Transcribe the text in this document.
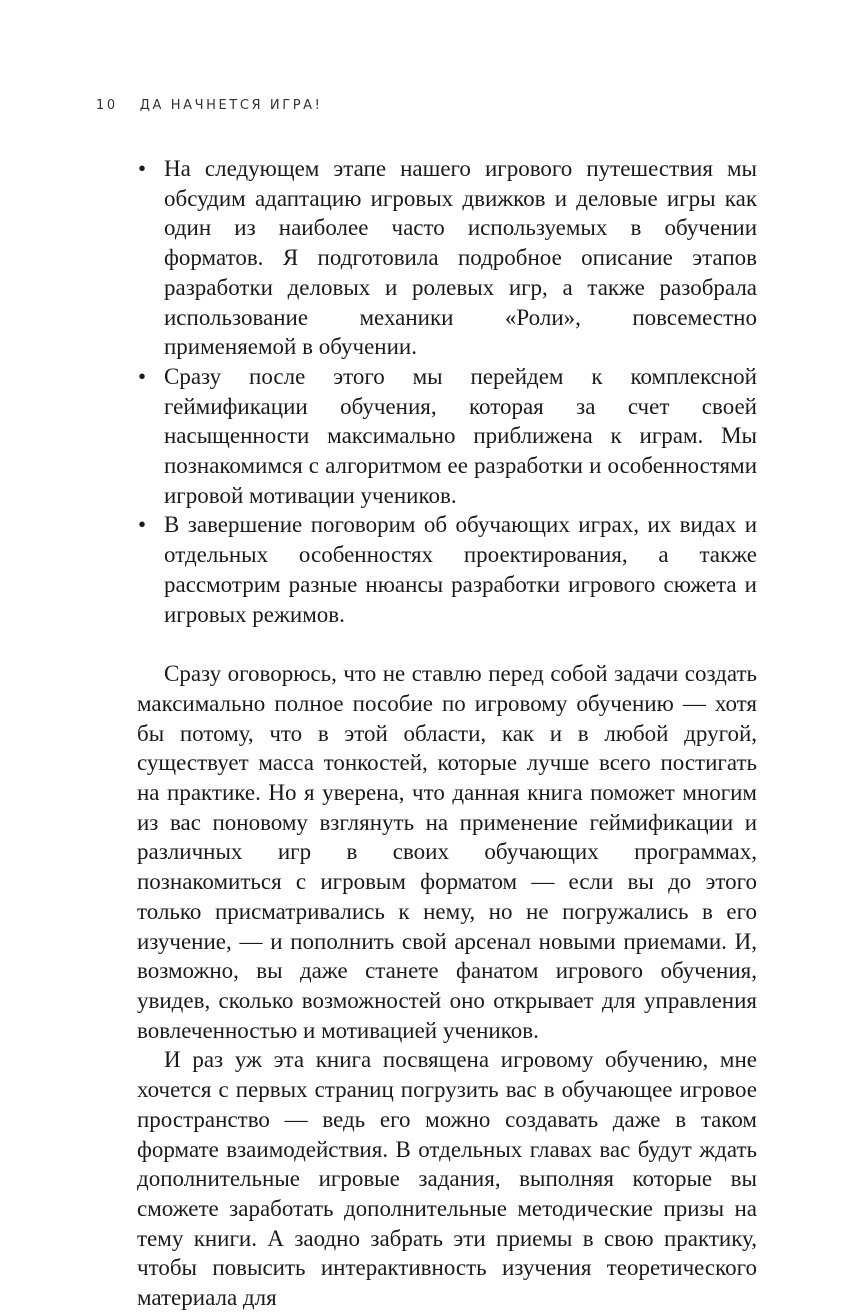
10 ДА НАЧНЕТСЯ ИГРА!
• На следующем этапе нашего игрового путешествия мы обсудим адаптацию игровых движков и деловые игры как один из наиболее часто используемых в обучении форматов. Я подготовила подробное описание этапов разработки деловых и ролевых игр, а также разобрала использование механики «Роли», повсеместно применяемой в обучении.
• Сразу после этого мы перейдем к комплексной геймификации обучения, которая за счет своей насыщенности максимально приближена к играм. Мы познакомимся с алгоритмом ее разработки и особенностями игровой мотивации учеников.
• В завершение поговорим об обучающих играх, их видах и отдельных особенностях проектирования, а также рассмотрим разные нюансы разработки игрового сюжета и игровых режимов.

Сразу оговорюсь, что не ставлю перед собой задачи создать максимально полное пособие по игровому обучению — хотя бы потому, что в этой области, как и в любой другой, существует масса тонкостей, которые лучше всего постигать на практике. Но я уверена, что данная книга поможет многим из вас поновому взглянуть на применение геймификации и различных игр в своих обучающих программах, познакомиться с игровым форматом — если вы до этого только присматривались к нему, но не погружались в его изучение, — и пополнить свой арсенал новыми приемами. И, возможно, вы даже станете фанатом игрового обучения, увидев, сколько возможностей оно открывает для управления вовлеченностью и мотивацией учеников.

И раз уж эта книга посвящена игровому обучению, мне хочется с первых страниц погрузить вас в обучающее игровое пространство — ведь его можно создавать даже в таком формате взаимодействия. В отдельных главах вас будут ждать дополнительные игровые задания, выполняя которые вы сможете заработать дополнительные методические призы на тему книги. А заодно забрать эти приемы в свою практику, чтобы повысить интерактивность изучения теоретического материала для
